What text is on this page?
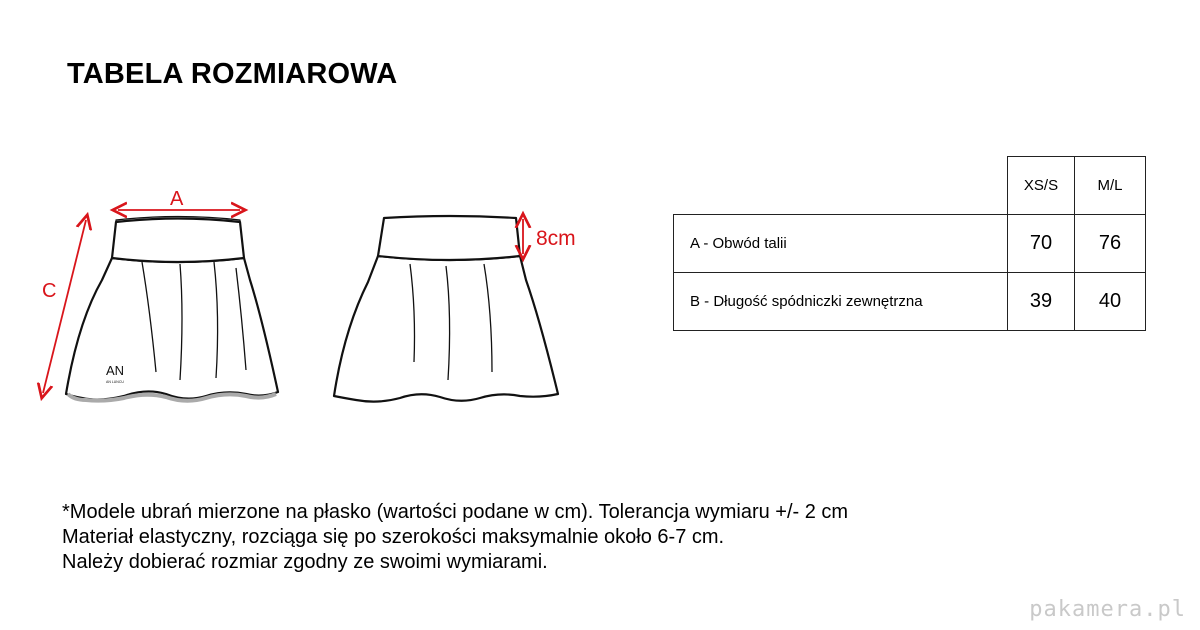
TABELA ROZMIAROWA
AN
AN LUNCU
A
C
8cm
	XS/S	M/L
A - Obwód talii	70	76
B - Długość spódniczki zewnętrzna	39	40
*Modele ubrań mierzone na płasko (wartości podane w cm). Tolerancja wymiaru +/- 2 cm
Materiał elastyczny, rozciąga się po szerokości maksymalnie około 6-7 cm.
Należy dobierać rozmiar zgodny ze swoimi wymiarami.
pakamera.pl
